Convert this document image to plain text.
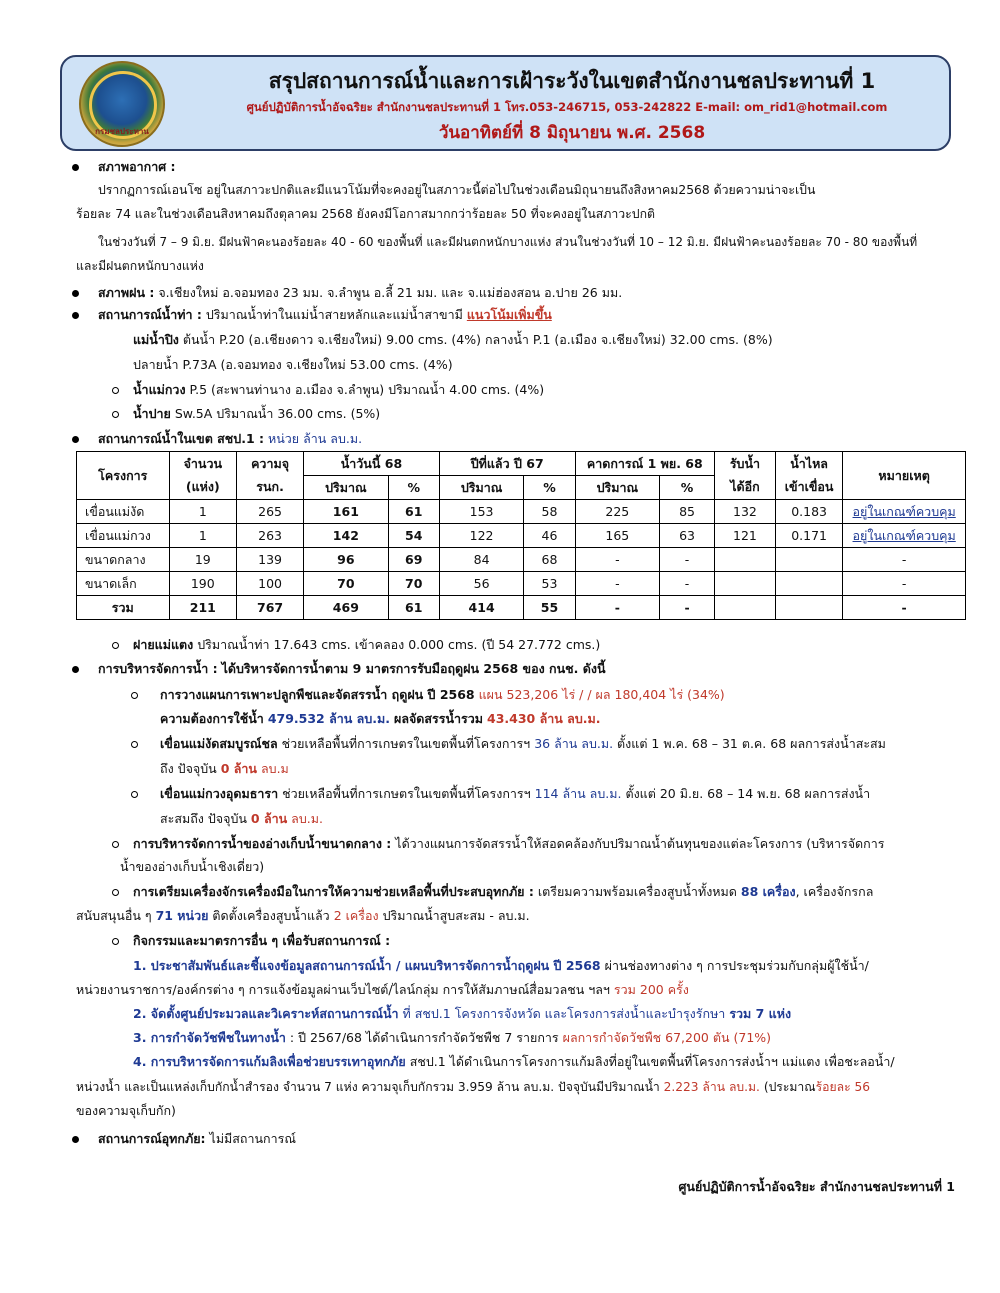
กรมชลประทาน
สรุปสถานการณ์น้ำและการเฝ้าระวังในเขตสำนักงานชลประทานที่ 1
ศูนย์ปฏิบัติการน้ำอัจฉริยะ สำนักงานชลประทานที่ 1 โทร.053-246715, 053-242822 E-mail: om_rid1@hotmail.com
วันอาทิตย์ที่ 8 มิถุนายน พ.ศ. 2568
สภาพอากาศ :
ปรากฏการณ์เอนโซ อยู่ในสภาวะปกติและมีแนวโน้มที่จะคงอยู่ในสภาวะนี้ต่อไปในช่วงเดือนมิถุนายนถึงสิงหาคม2568 ด้วยความน่าจะเป็น
ร้อยละ 74 และในช่วงเดือนสิงหาคมถึงตุลาคม 2568 ยังคงมีโอกาสมากกว่าร้อยละ 50 ที่จะคงอยู่ในสภาวะปกติ
ในช่วงวันที่ 7 – 9 มิ.ย. มีฝนฟ้าคะนองร้อยละ 40 - 60 ของพื้นที่ และมีฝนตกหนักบางแห่ง ส่วนในช่วงวันที่ 10 – 12 มิ.ย. มีฝนฟ้าคะนองร้อยละ 70 - 80 ของพื้นที่
และมีฝนตกหนักบางแห่ง
สภาพฝน : จ.เชียงใหม่ อ.จอมทอง 23 มม. จ.ลำพูน อ.ลี้ 21 มม. และ จ.แม่ฮ่องสอน อ.ปาย 26 มม.
สถานการณ์น้ำท่า : ปริมาณน้ำท่าในแม่น้ำสายหลักและแม่น้ำสาขามี แนวโน้มเพิ่มขึ้น
แม่น้ำปิง ต้นน้ำ P.20 (อ.เชียงดาว จ.เชียงใหม่) 9.00 cms. (4%) กลางน้ำ P.1 (อ.เมือง จ.เชียงใหม่) 32.00 cms. (8%)
ปลายน้ำ P.73A (อ.จอมทอง จ.เชียงใหม่ 53.00 cms. (4%)
น้ำแม่กวง P.5 (สะพานท่านาง อ.เมือง จ.ลำพูน) ปริมาณน้ำ 4.00 cms. (4%)
น้ำปาย Sw.5A ปริมาณน้ำ 36.00 cms. (5%)
สถานการณ์น้ำในเขต สชป.1 : หน่วย ล้าน ลบ.ม.
โครงการ	จำนวน	ความจุ	น้ำวันนี้ 68		ปีที่แล้ว ปี 67		คาดการณ์ 1 พย. 68		รับน้ำ	น้ำไหล	หมายเหตุ
	(แห่ง)	รนก.	ปริมาณ	%	ปริมาณ	%	ปริมาณ	%	ได้อีก	เข้าเขื่อน	
เขื่อนแม่งัด	1	265	161	61	153	58	225	85	132	0.183	อยู่ในเกณฑ์ควบคุม
เขื่อนแม่กวง	1	263	142	54	122	46	165	63	121	0.171	อยู่ในเกณฑ์ควบคุม
ขนาดกลาง	19	139	96	69	84	68	-	-			-
ขนาดเล็ก	190	100	70	70	56	53	-	-			-
รวม	211	767	469	61	414	55	-	-			-
ฝายแม่แตง ปริมาณน้ำท่า 17.643 cms. เข้าคลอง 0.000 cms. (ปี 54 27.772 cms.)
การบริหารจัดการน้ำ : ได้บริหารจัดการน้ำตาม 9 มาตรการรับมือฤดูฝน 2568 ของ กนช. ดังนี้
การวางแผนการเพาะปลูกพืชและจัดสรรน้ำ ฤดูฝน ปี 2568 แผน 523,206 ไร่ / / ผล 180,404 ไร่ (34%)
ความต้องการใช้น้ำ 479.532 ล้าน ลบ.ม. ผลจัดสรรน้ำรวม 43.430 ล้าน ลบ.ม.
เขื่อนแม่งัดสมบูรณ์ชล ช่วยเหลือพื้นที่การเกษตรในเขตพื้นที่โครงการฯ 36 ล้าน ลบ.ม. ตั้งแต่ 1 พ.ค. 68 – 31 ต.ค. 68 ผลการส่งน้ำสะสม
ถึง ปัจจุบัน 0 ล้าน ลบ.ม
เขื่อนแม่กวงอุดมธารา ช่วยเหลือพื้นที่การเกษตรในเขตพื้นที่โครงการฯ 114 ล้าน ลบ.ม. ตั้งแต่ 20 มิ.ย. 68 – 14 พ.ย. 68 ผลการส่งน้ำ
สะสมถึง ปัจจุบัน 0 ล้าน ลบ.ม.
การบริหารจัดการน้ำของอ่างเก็บน้ำขนาดกลาง : ได้วางแผนการจัดสรรน้ำให้สอดคล้องกับปริมาณน้ำต้นทุนของแต่ละโครงการ (บริหารจัดการ
น้ำของอ่างเก็บน้ำเชิงเดี่ยว)
การเตรียมเครื่องจักรเครื่องมือในการให้ความช่วยเหลือพื้นที่ประสบอุทกภัย : เตรียมความพร้อมเครื่องสูบน้ำทั้งหมด 88 เครื่อง, เครื่องจักรกล
สนับสนุนอื่น ๆ 71 หน่วย ติดตั้งเครื่องสูบน้ำแล้ว 2 เครื่อง ปริมาณน้ำสูบสะสม - ลบ.ม.
กิจกรรมและมาตรการอื่น ๆ เพื่อรับสถานการณ์ :
1. ประชาสัมพันธ์และชี้แจงข้อมูลสถานการณ์น้ำ / แผนบริหารจัดการน้ำฤดูฝน ปี 2568 ผ่านช่องทางต่าง ๆ การประชุมร่วมกับกลุ่มผู้ใช้น้ำ/
หน่วยงานราชการ/องค์กรต่าง ๆ การแจ้งข้อมูลผ่านเว็บไซต์/ไลน์กลุ่ม การให้สัมภาษณ์สื่อมวลชน ฯลฯ รวม 200 ครั้ง
2. จัดตั้งศูนย์ประมวลและวิเคราะห์สถานการณ์น้ำ ที่ สชป.1 โครงการจังหวัด และโครงการส่งน้ำและบำรุงรักษา รวม 7 แห่ง
3. การกำจัดวัชพืชในทางน้ำ : ปี 2567/68 ได้ดำเนินการกำจัดวัชพืช 7 รายการ ผลการกำจัดวัชพืช 67,200 ตัน (71%)
4. การบริหารจัดการแก้มลิงเพื่อช่วยบรรเทาอุทกภัย สชป.1 ได้ดำเนินการโครงการแก้มลิงที่อยู่ในเขตพื้นที่โครงการส่งน้ำฯ แม่แตง เพื่อชะลอน้ำ/
หน่วงน้ำ และเป็นแหล่งเก็บกักน้ำสำรอง จำนวน 7 แห่ง ความจุเก็บกักรวม 3.959 ล้าน ลบ.ม. ปัจจุบันมีปริมาณน้ำ 2.223 ล้าน ลบ.ม. (ประมาณร้อยละ 56
ของความจุเก็บกัก)
สถานการณ์อุทกภัย: ไม่มีสถานการณ์
ศูนย์ปฏิบัติการน้ำอัจฉริยะ สำนักงานชลประทานที่ 1
